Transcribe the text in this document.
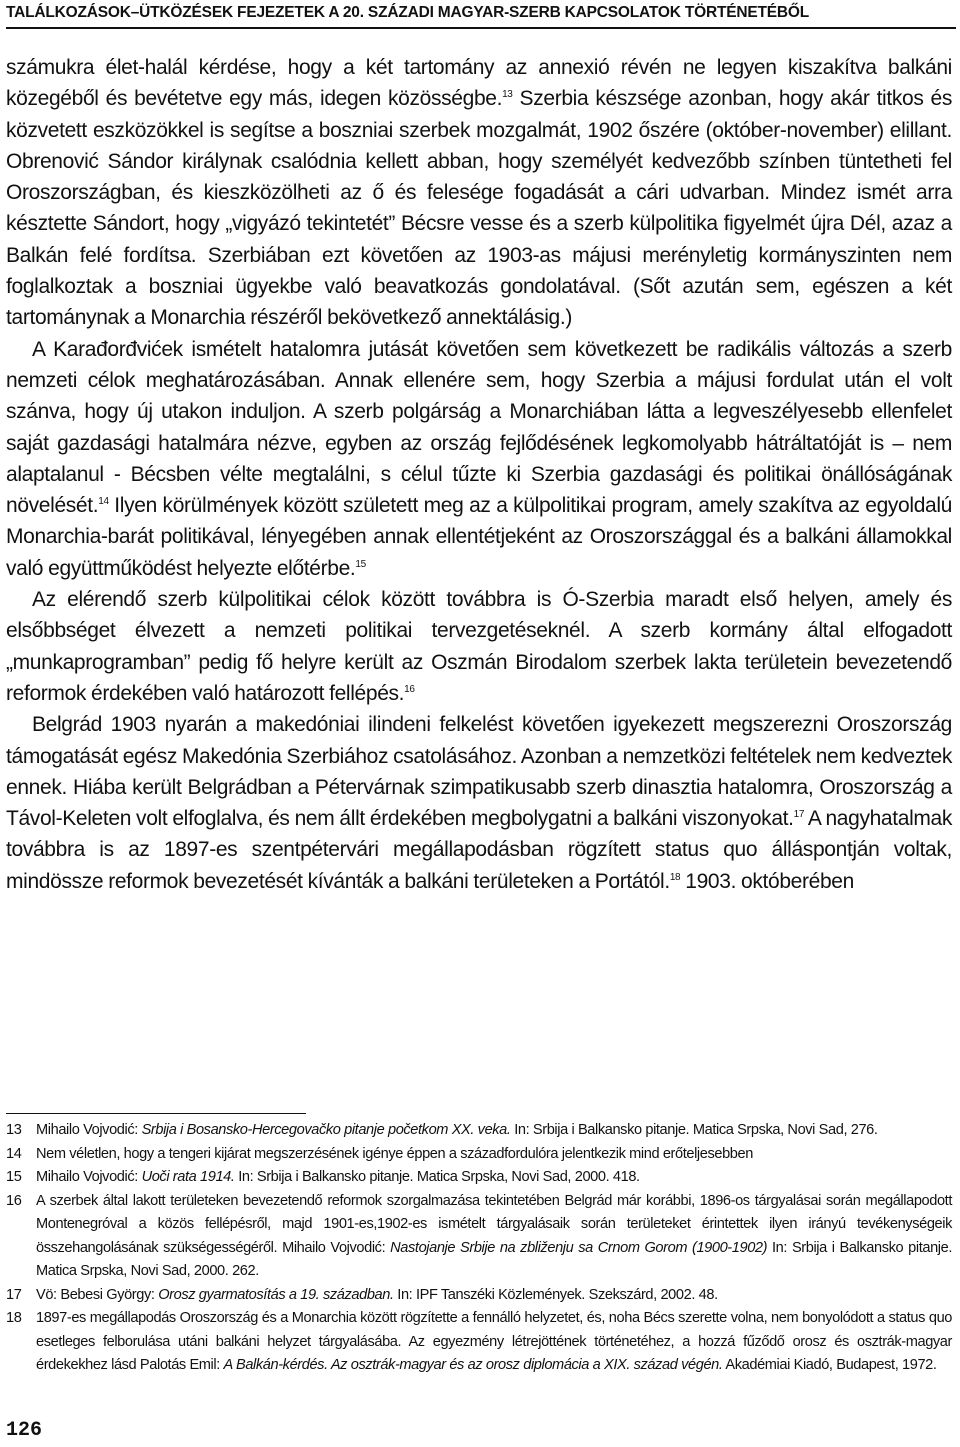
TALÁLKOZÁSOK–ÜTKÖZÉSEK FEJEZETEK A 20. SZÁZADI MAGYAR-SZERB KAPCSOLATOK TÖRTÉNETÉBŐL

számukra élet-halál kérdése, hogy a két tartomány az annexió révén ne legyen kiszakítva balkáni közegéből és bevétetve egy más, idegen közösségbe.$^{13}$ Szerbia készsége azonban, hogy akár titkos és közvetett eszközökkel is segítse a boszniai szerbek mozgalmát, 1902 őszére (október-november) elillant. Obrenović Sándor királynak csalódnia kellett abban, hogy személyét kedvezőbb színben tüntetheti fel Oroszországban, és kieszközölheti az ő és felesége fogadását a cári udvarban. Mindez ismét arra késztette Sándort, hogy „vigyázó tekintetét” Bécsre vesse és a szerb külpolitika figyelmét újra Dél, azaz a Balkán felé fordítsa. Szerbiában ezt követően az 1903-as májusi merényletig kormányszinten nem foglalkoztak a boszniai ügyekbe való beavatkozás gondolatával. (Sőt azután sem, egészen a két tartománynak a Monarchia részéről bekövetkező annektálásig.)

A Karađorđvićek ismételt hatalomra jutását követően sem következett be radikális változás a szerb nemzeti célok meghatározásában. Annak ellenére sem, hogy Szerbia a májusi fordulat után el volt szánva, hogy új utakon induljon. A szerb polgárság a Monarchiában látta a legveszélyesebb ellenfelet saját gazdasági hatalmára nézve, egyben az ország fejlődésének legkomolyabb hátráltatóját is – nem alaptalanul - Bécsben vélte megtalálni, s célul tűzte ki Szerbia gazdasági és politikai önállóságának növelését.$^{14}$ Ilyen körülmények között született meg az a külpolitikai program, amely szakítva az egyoldalú Monarchia-barát politikával, lényegében annak ellentétjeként az Oroszországgal és a balkáni államokkal való együttműködést helyezte előtérbe.$^{15}$

Az elérendő szerb külpolitikai célok között továbbra is Ó-Szerbia maradt első helyen, amely és elsőbbséget élvezett a nemzeti politikai tervezgetéseknél. A szerb kormány által elfogadott „munkaprogramban” pedig fő helyre került az Oszmán Birodalom szerbek lakta területein bevezetendő reformok érdekében való határozott fellépés.$^{16}$

Belgrád 1903 nyarán a makedóniai ilindeni felkelést követően igyekezett megszerezni Oroszország támogatását egész Makedónia Szerbiához csatolásához. Azonban a nemzetközi feltételek nem kedveztek ennek. Hiába került Belgrádban a Pétervárnak szimpatikusabb szerb dinasztia hatalomra, Oroszország a Távol-Keleten volt elfoglalva, és nem állt érdekében megbolygatni a balkáni viszonyokat.$^{17}$ A nagyhatalmak továbbra is az 1897-es szentpétervári megállapodásban rögzített status quo álláspontján voltak, mindössze reformok bevezetését kívánták a balkáni területeken a Portától.$^{18}$ 1903. októberében

13 Mihailo Vojvodić: Srbija i Bosansko-Hercegovačko pitanje početkom XX. veka. In: Srbija i Balkansko pitanje. Matica Srpska, Novi Sad, 276.
14 Nem véletlen, hogy a tengeri kijárat megszerzésének igénye éppen a századfordulóra jelentkezik mind erőteljesebben
15 Mihailo Vojvodić: Uoči rata 1914. In: Srbija i Balkansko pitanje. Matica Srpska, Novi Sad, 2000. 418.
16 A szerbek által lakott területeken bevezetendő reformok szorgalmazása tekintetében Belgrád már korábbi, 1896-os tárgyalásai során megállapodott Montenegróval a közös fellépésről, majd 1901-es,1902-es ismételt tárgyalásaik során területeket érintettek ilyen irányú tevékenységeik összehangolásának szükségességéről. Mihailo Vojvodić: Nastojanje Srbije na zbliženju sa Crnom Gorom (1900-1902) In: Srbija i Balkansko pitanje. Matica Srpska, Novi Sad, 2000. 262.
17 Vö: Bebesi György: Orosz gyarmatosítás a 19. században. In: IPF Tanszéki Közlemények. Szekszárd, 2002. 48.
18 1897-es megállapodás Oroszország és a Monarchia között rögzítette a fennálló helyzetet, és, noha Bécs szerette volna, nem bonyolódott a status quo esetleges felborulása utáni balkáni helyzet tárgyalásába. Az egyezmény létrejöttének történetéhez, a hozzá fűződő orosz és osztrák-magyar érdekekhez lásd Palotás Emil: A Balkán-kérdés. Az osztrák-magyar és az orosz diplomácia a XIX. század végén. Akadémiai Kiadó, Budapest, 1972.
126
